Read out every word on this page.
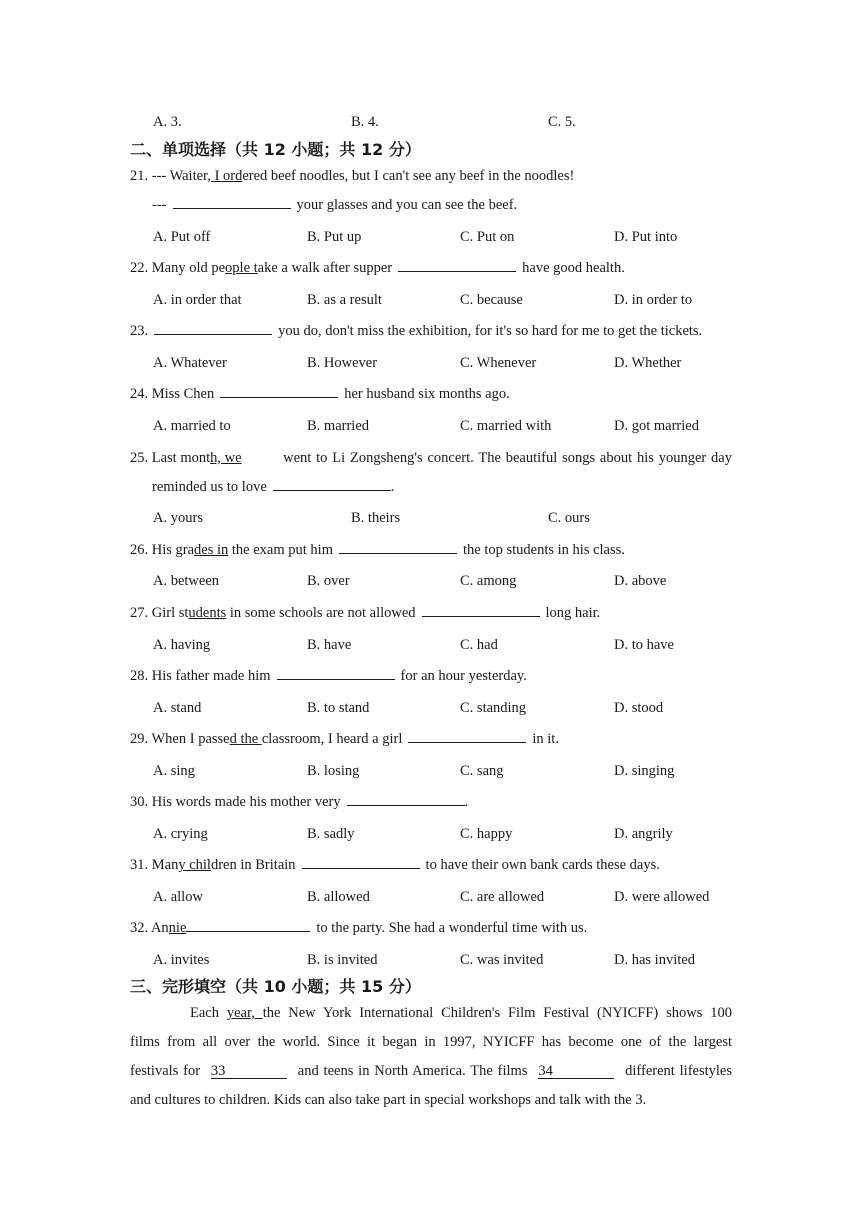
A. 3.	B. 4.	C. 5.
二、单项选择（共 12 小题；共 12 分）
21. --- Waiter, I ordered beef noodles, but I can't see any beef in the noodles!
---	your glasses and you can see the beef.
A. Put off	B. Put up	C. Put on	D. Put into
22. Many old people take a walk after supper	have good health.
A. in order that	B. as a result	C. because	D. in order to
23.	you do, don't miss the exhibition, for it's so hard for me to get the tickets.
A. Whatever	B. However	C. Whenever	D. Whether
24. Miss Chen	her husband six months ago.
A. married to	B. married	C. married with	D. got married
25. Last month, we	went to Li Zongsheng's concert. The beautiful songs about his younger day
reminded us to love	.
A. yours	B. theirs	C. ours
26. His grades in the exam put him	the top students in his class.
A. between	B. over	C. among	D. above
27. Girl students in some schools are not allowed	long hair.
A. having	B. have	C. had	D. to have
28. His father made him	for an hour yesterday.
A. stand	B. to stand	C. standing	D. stood
29. When I passed the classroom, I heard a girl	in it.
A. sing	B. losing	C. sang	D. singing
30. His words made his mother very	.
A. crying	B. sadly	C. happy	D. angrily
31. Many children in Britain	to have their own bank cards these days.
A. allow	B. allowed	C. are allowed	D. were allowed
32. Annie	to the party. She had a wonderful time with us.
A. invites	B. is invited	C. was invited	D. has invited
三、完形填空（共 10 小题；共 15 分）
Each year, the New York International Children's Film Festival (NYICFF) shows 100
films from all over the world. Since it began in 1997, NYICFF has become one of the largest
festivals for 33	and teens in North America. The films 34	different lifestyles
and cultures to children. Kids can also take part in special workshops and talk with the 3.
